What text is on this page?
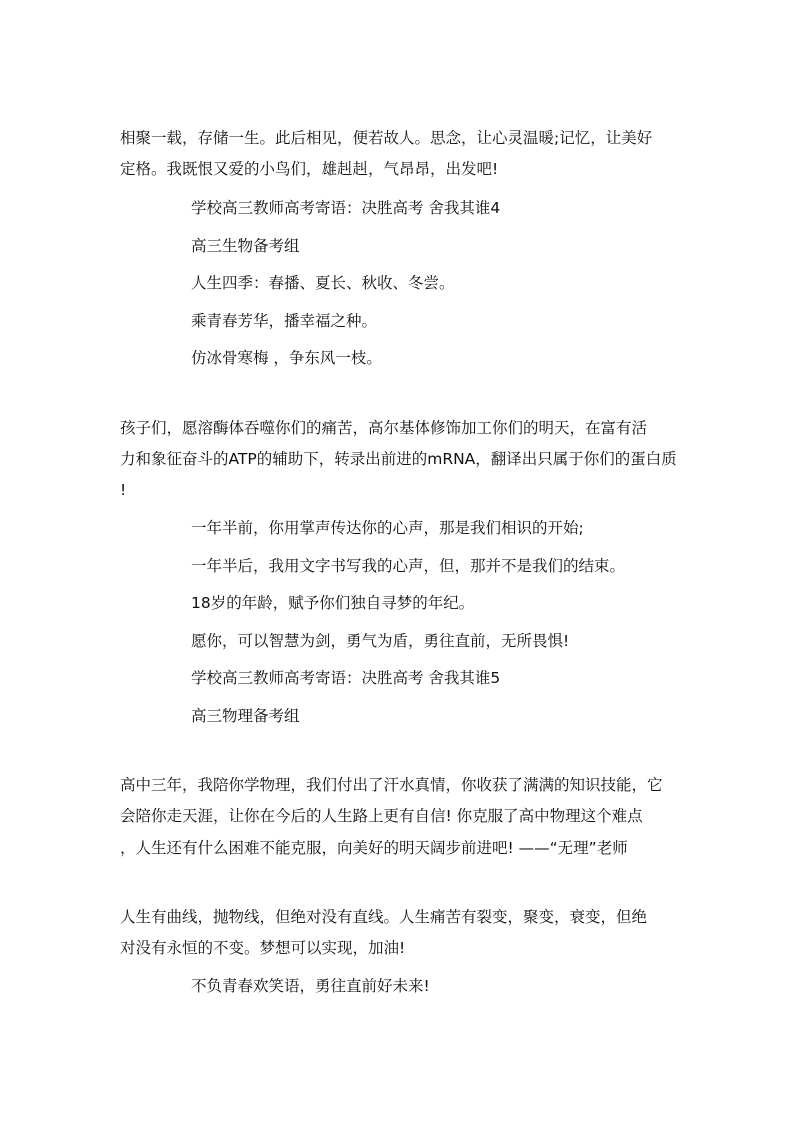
相聚一载，存储一生。此后相见，便若故人。思念，让心灵温暖;记忆，让美好
定格。我既恨又爱的小鸟们，雄赳赳，气昂昂，出发吧!
学校高三教师高考寄语：决胜高考 舍我其谁4
高三生物备考组
人生四季：春播、夏长、秋收、冬尝。
乘青春芳华，播幸福之种。
仿冰骨寒梅 ，争东风一枝。
孩子们，愿溶酶体吞噬你们的痛苦，高尔基体修饰加工你们的明天，在富有活
力和象征奋斗的ATP的辅助下，转录出前进的mRNA，翻译出只属于你们的蛋白质
!
一年半前，你用掌声传达你的心声，那是我们相识的开始;
一年半后，我用文字书写我的心声，但，那并不是我们的结束。
18岁的年龄，赋予你们独自寻梦的年纪。
愿你，可以智慧为剑，勇气为盾，勇往直前，无所畏惧!
学校高三教师高考寄语：决胜高考 舍我其谁5
高三物理备考组
高中三年，我陪你学物理，我们付出了汗水真情，你收获了满满的知识技能，它
会陪你走天涯，让你在今后的人生路上更有自信! 你克服了高中物理这个难点
，人生还有什么困难不能克服，向美好的明天阔步前进吧! ——“无理”老师
人生有曲线，抛物线，但绝对没有直线。人生痛苦有裂变，聚变，衰变，但绝
对没有永恒的不变。梦想可以实现，加油!
不负青春欢笑语，勇往直前好未来!
